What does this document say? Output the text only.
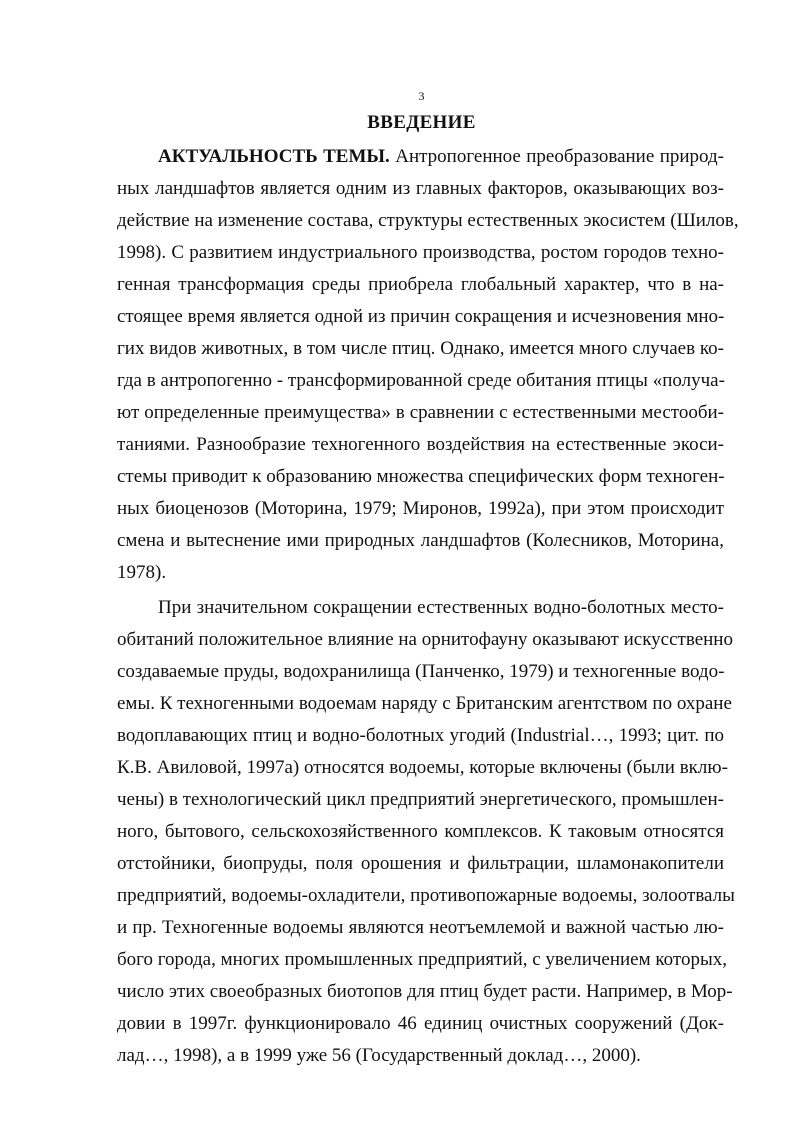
3
ВВЕДЕНИЕ
АКТУАЛЬНОСТЬ ТЕМЫ. Антропогенное преобразование природ-
ных ландшафтов является одним из главных факторов, оказывающих воз-
действие на изменение состава, структуры естественных экосистем (Шилов,
1998). С развитием индустриального производства, ростом городов техно-
генная трансформация среды приобрела глобальный характер, что в на-
стоящее время является одной из причин сокращения и исчезновения мно-
гих видов животных, в том числе птиц. Однако, имеется много случаев ко-
гда в антропогенно - трансформированной среде обитания птицы «получа-
ют определенные преимущества» в сравнении с естественными местооби-
таниями. Разнообразие техногенного воздействия на естественные экоси-
стемы приводит к образованию множества специфических форм техноген-
ных биоценозов (Моторина, 1979; Миронов, 1992а), при этом происходит
смена и вытеснение ими природных ландшафтов (Колесников, Моторина,
1978).
При значительном сокращении естественных водно-болотных место-
обитаний положительное влияние на орнитофауну оказывают искусственно
создаваемые пруды, водохранилища (Панченко, 1979) и техногенные водо-
емы. К техногенными водоемам наряду с Британским агентством по охране
водоплавающих птиц и водно-болотных угодий (Industrial…, 1993; цит. по
К.В. Авиловой, 1997а) относятся водоемы, которые включены (были вклю-
чены) в технологический цикл предприятий энергетического, промышлен-
ного, бытового, сельскохозяйственного комплексов. К таковым относятся
отстойники, биопруды, поля орошения и фильтрации, шламонакопители
предприятий, водоемы-охладители, противопожарные водоемы, золоотвалы
и пр. Техногенные водоемы являются неотъемлемой и важной частью лю-
бого города, многих промышленных предприятий, с увеличением которых,
число этих своеобразных биотопов для птиц будет расти. Например, в Мор-
довии в 1997г. функционировало 46 единиц очистных сооружений (Док-
лад…, 1998), а в 1999 уже 56 (Государственный доклад…, 2000).
